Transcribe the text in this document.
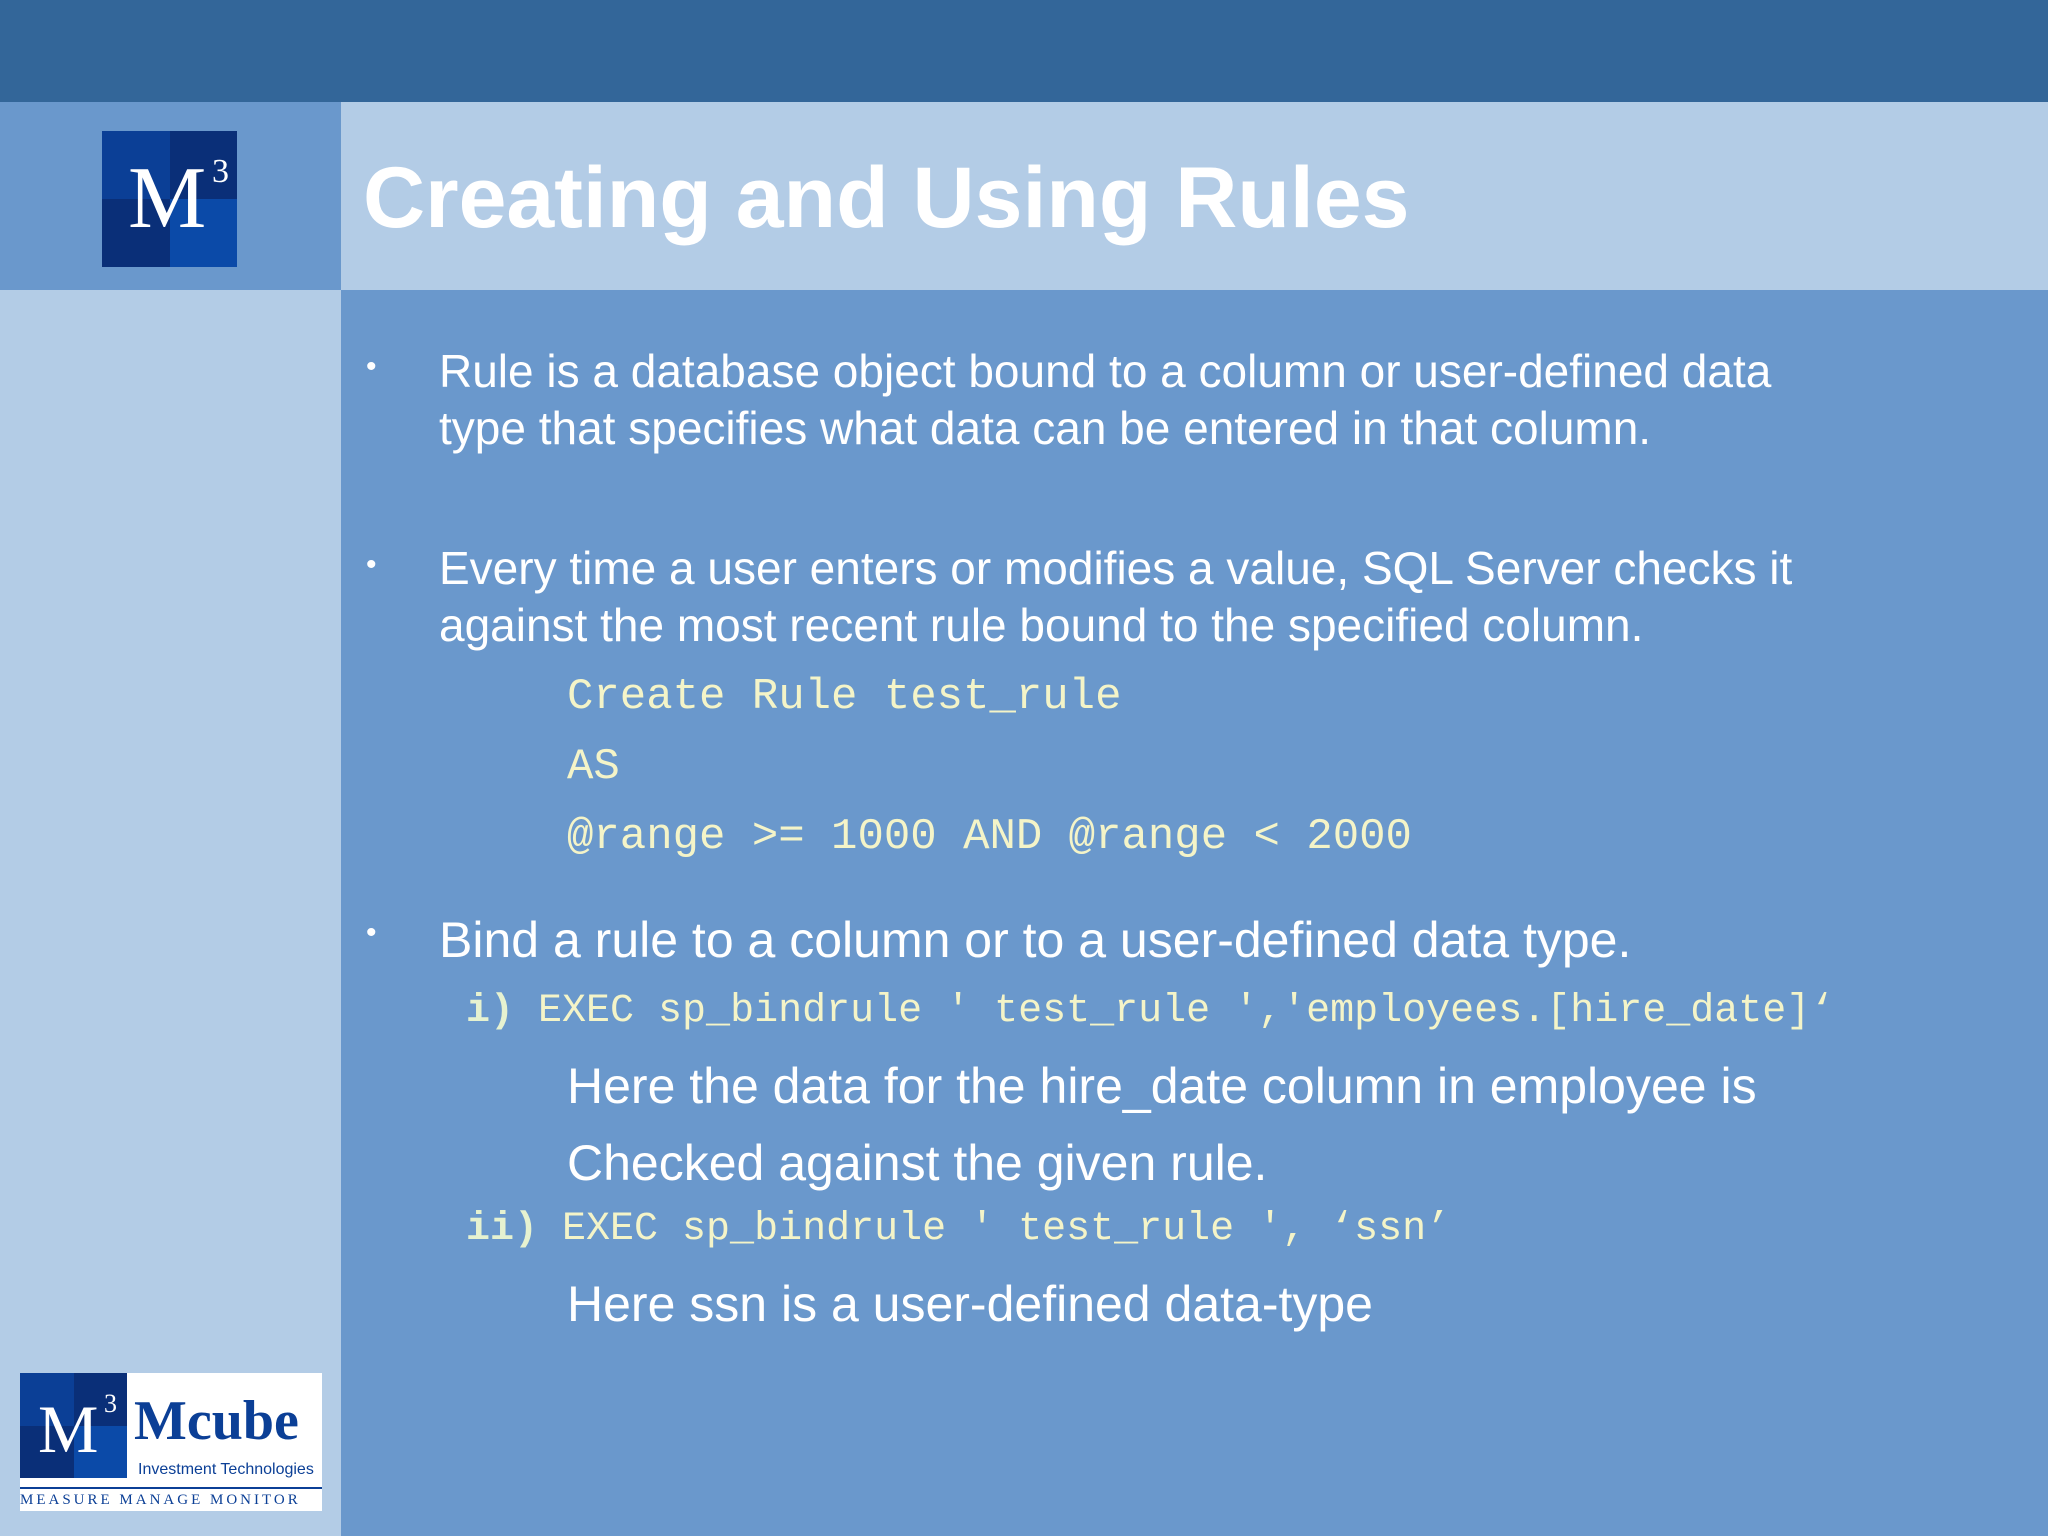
M 3 Creating and Using Rules
• Rule is a database object bound to a column or user-defined data
type that specifies what data can be entered in that column.
• Every time a user enters or modifies a value, SQL Server checks it
against the most recent rule bound to the specified column.
Create Rule test_rule
AS
@range >= 1000 AND @range < 2000
• Bind a rule to a column or to a user-defined data type.
i) EXEC sp_bindrule ' test_rule ','employees.[hire_date]‘
Here the data for the hire_date column in employee is
Checked against the given rule.
ii) EXEC sp_bindrule ' test_rule ', ‘ssn’
Here ssn is a user-defined data-type
M 3 Mcube
Investment Technologies
MEASURE MANAGE MONITOR
